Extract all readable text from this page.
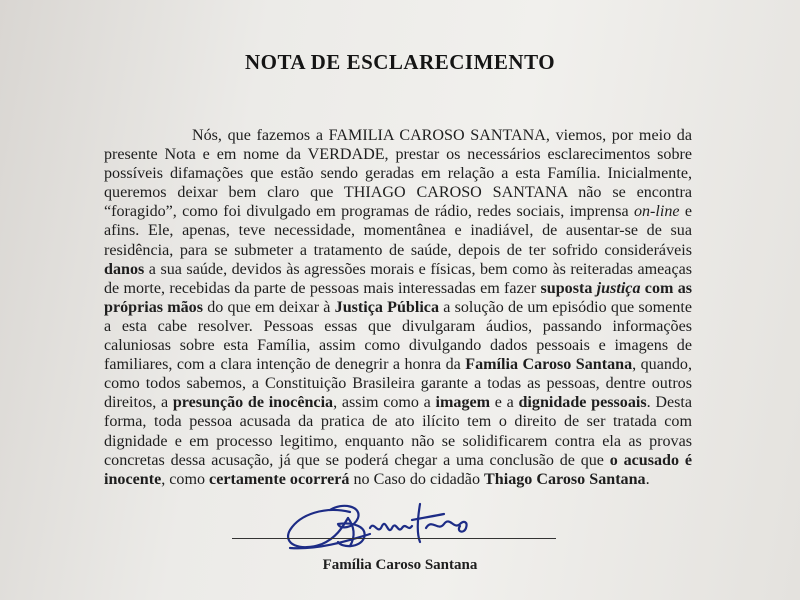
NOTA DE ESCLARECIMENTO

Nós, que fazemos a FAMILIA CAROSO SANTANA, viemos, por meio da presente Nota e em nome da VERDADE, prestar os necessários esclarecimentos sobre possíveis difamações que estão sendo geradas em relação a esta Família. Inicialmente, queremos deixar bem claro que THIAGO CAROSO SANTANA não se encontra “foragido”, como foi divulgado em programas de rádio, redes sociais, imprensa on-line e afins. Ele, apenas, teve necessidade, momentânea e inadiável, de ausentar-se de sua residência, para se submeter a tratamento de saúde, depois de ter sofrido consideráveis danos a sua saúde, devidos às agressões morais e físicas, bem como às reiteradas ameaças de morte, recebidas da parte de pessoas mais interessadas em fazer suposta justiça com as próprias mãos do que em deixar à Justiça Pública a solução de um episódio que somente a esta cabe resolver. Pessoas essas que divulgaram áudios, passando informações caluniosas sobre esta Família, assim como divulgando dados pessoais e imagens de familiares, com a clara intenção de denegrir a honra da Família Caroso Santana, quando, como todos sabemos, a Constituição Brasileira garante a todas as pessoas, dentre outros direitos, a presunção de inocência, assim como a imagem e a dignidade pessoais. Desta forma, toda pessoa acusada da pratica de ato ilícito tem o direito de ser tratada com dignidade e em processo legitimo, enquanto não se solidificarem contra ela as provas concretas dessa acusação, já que se poderá chegar a uma conclusão de que o acusado é inocente, como certamente ocorrerá no Caso do cidadão Thiago Caroso Santana.

Família Caroso Santana
